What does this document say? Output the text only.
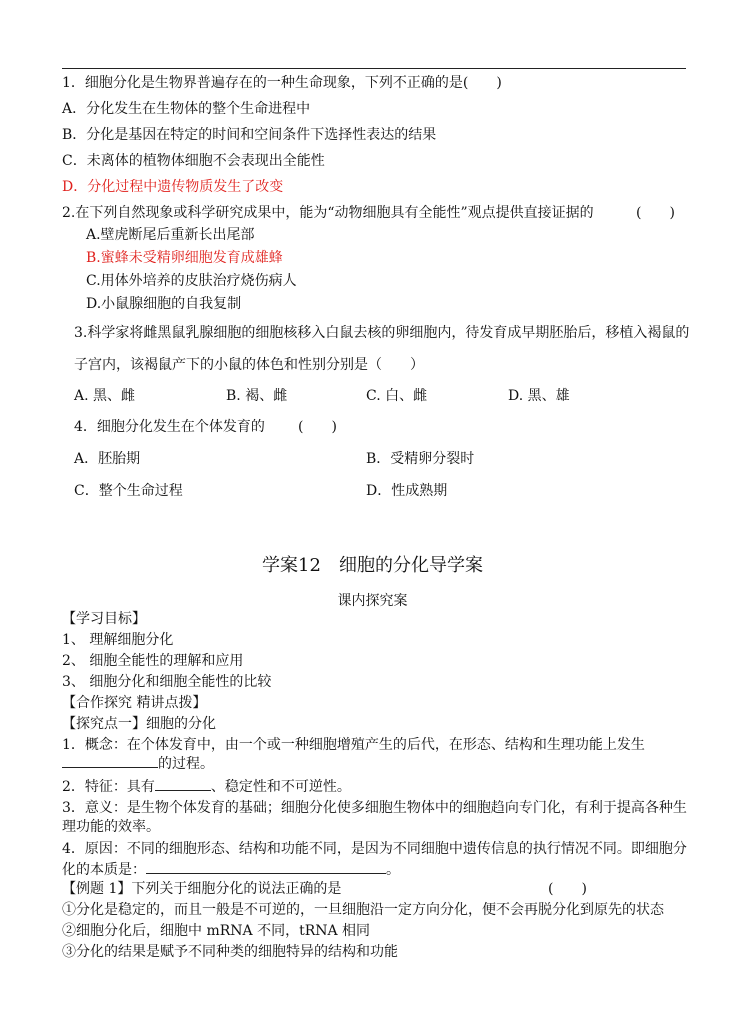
1．细胞分化是生物界普遍存在的一种生命现象，下列不正确的是(　　)
A．分化发生在生物体的整个生命进程中
B．分化是基因在特定的时间和空间条件下选择性表达的结果
C．未离体的植物体细胞不会表现出全能性
D．分化过程中遗传物质发生了改变
2.在下列自然现象或科学研究成果中，能为“动物细胞具有全能性”观点提供直接证据的	(　　)
A.壁虎断尾后重新长出尾部
B.蜜蜂未受精卵细胞发育成雄蜂
C.用体外培养的皮肤治疗烧伤病人
D.小鼠腺细胞的自我复制
3.科学家将雌黑鼠乳腺细胞的细胞核移入白鼠去核的卵细胞内，待发育成早期胚胎后，移植入褐鼠的
子宫内，该褐鼠产下的小鼠的体色和性别分别是（　　）
A. 黑、雌	B. 褐、雌	C. 白、雌	D. 黑、雄
4．细胞分化发生在个体发育的 (　　)
A．胚胎期	B．受精卵分裂时
C．整个生命过程	D．性成熟期
学案12　细胞的分化导学案
课内探究案
【学习目标】
1、 理解细胞分化
2、 细胞全能性的理解和应用
3、 细胞分化和细胞全能性的比较
【合作探究 精讲点拨】
【探究点一】细胞的分化
1．概念：在个体发育中，由一个或一种细胞增殖产生的后代，在形态、结构和生理功能上发生
的过程。
2．特征：具有	、稳定性和不可逆性。
3．意义：是生物个体发育的基础；细胞分化使多细胞生物体中的细胞趋向专门化，有利于提高各种生
理功能的效率。
4．原因：不同的细胞形态、结构和功能不同，是因为不同细胞中遗传信息的执行情况不同。即细胞分
化的本质是：	。
【例题 1】下列关于细胞分化的说法正确的是	(　　)
①分化是稳定的，而且一般是不可逆的，一旦细胞沿一定方向分化，便不会再脱分化到原先的状态
②细胞分化后，细胞中 mRNA 不同，tRNA 相同
③分化的结果是赋予不同种类的细胞特异的结构和功能
